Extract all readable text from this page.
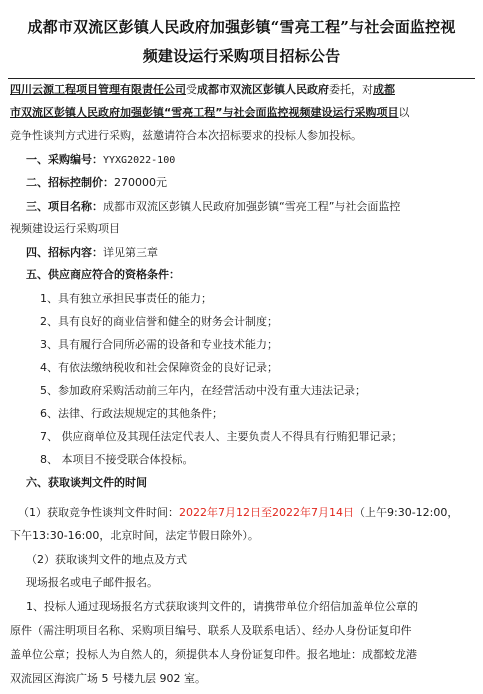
成都市双流区彭镇人民政府加强彭镇“雪亮工程”与社会面监控视
频建设运行采购项目招标公告
四川云源工程项目管理有限责任公司受成都市双流区彭镇人民政府委托，对成都
市双流区彭镇人民政府加强彭镇“雪亮工程”与社会面监控视频建设运行采购项目以
竞争性谈判方式进行采购，兹邀请符合本次招标要求的投标人参加投标。
一、采购编号：YYXG2022-100
二、招标控制价：270000元
三、项目名称：成都市双流区彭镇人民政府加强彭镇“雪亮工程”与社会面监控
视频建设运行采购项目
四、招标内容：详见第三章
五、供应商应符合的资格条件：
1、具有独立承担民事责任的能力；
2、具有良好的商业信誉和健全的财务会计制度；
3、具有履行合同所必需的设备和专业技术能力；
4、有依法缴纳税收和社会保障资金的良好记录；
5、参加政府采购活动前三年内，在经营活动中没有重大违法记录；
6、法律、行政法规规定的其他条件；
7、 供应商单位及其现任法定代表人、主要负责人不得具有行贿犯罪记录；
8、 本项目不接受联合体投标。
六、获取谈判文件的时间
（1）获取竞争性谈判文件时间：2022年7月12日至2022年7月14日（上午9:30-12:00，
下午13:30-16:00，北京时间，法定节假日除外）。
（2）获取谈判文件的地点及方式
现场报名或电子邮件报名。
1、投标人通过现场报名方式获取谈判文件的，请携带单位介绍信加盖单位公章的
原件（需注明项目名称、采购项目编号、联系人及联系电话）、经办人身份证复印件
盖单位公章；投标人为自然人的，须提供本人身份证复印件。报名地址：成都蛟龙港
双流园区海滨广场 5 号楼九层 902 室。
